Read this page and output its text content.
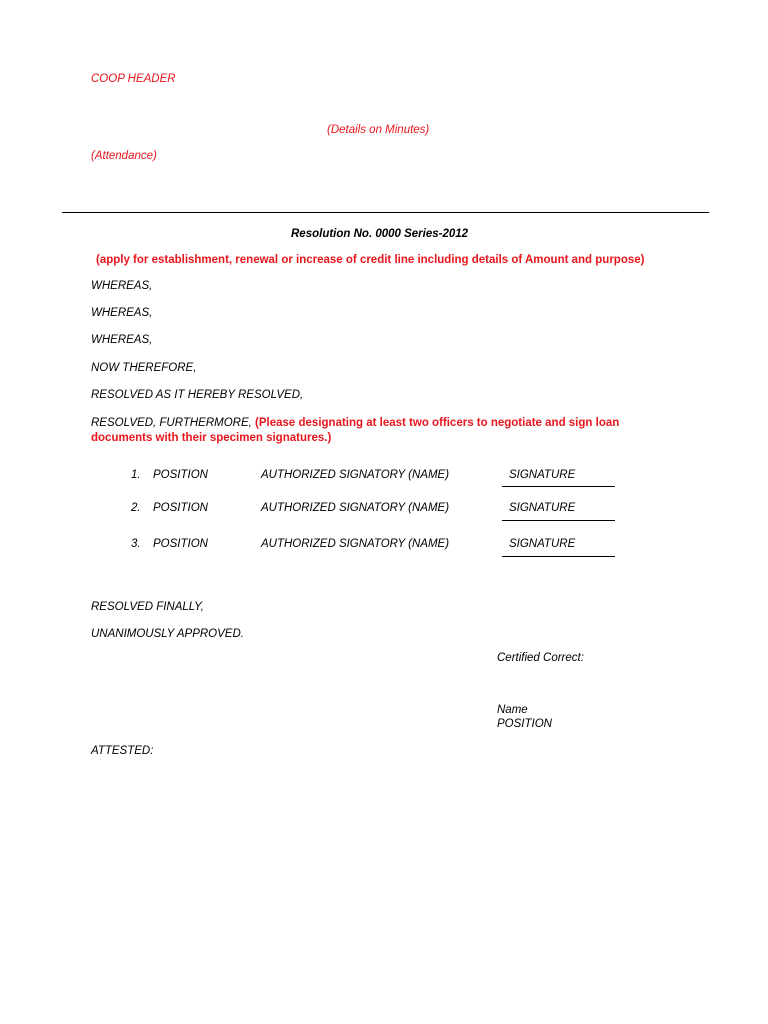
COOP HEADER
(Details on Minutes)
(Attendance)
Resolution No. 0000 Series-2012
(apply for establishment, renewal or increase of credit line including details of Amount and purpose)
WHEREAS,
WHEREAS,
WHEREAS,
NOW THEREFORE,
RESOLVED AS IT HEREBY RESOLVED,
RESOLVED, FURTHERMORE, (Please designating at least two officers to negotiate and sign loan documents with their specimen signatures.)
1. POSITION	AUTHORIZED SIGNATORY (NAME)	SIGNATURE
2. POSITION	AUTHORIZED SIGNATORY (NAME)	SIGNATURE
3. POSITION	AUTHORIZED SIGNATORY (NAME)	SIGNATURE
RESOLVED FINALLY,
UNANIMOUSLY APPROVED.
Certified Correct:
Name
POSITION
ATTESTED:
